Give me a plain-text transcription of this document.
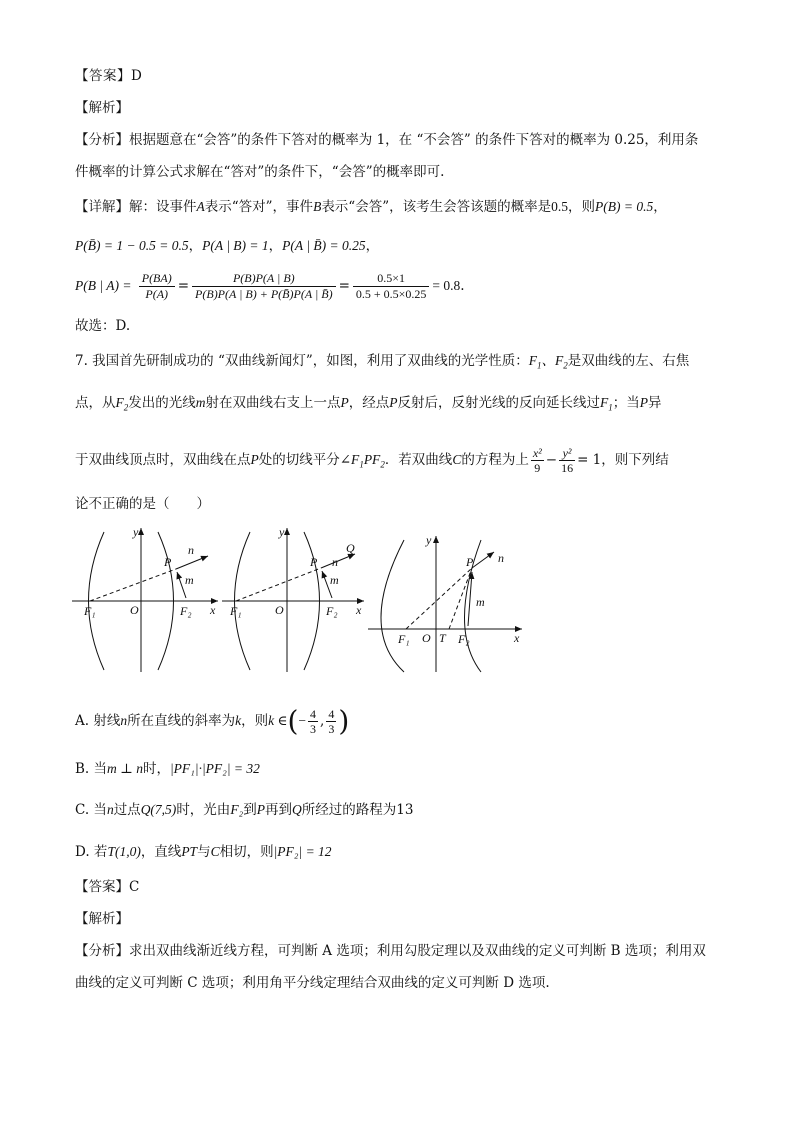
【答案】D
【解析】
【分析】根据题意在“会答”的条件下答对的概率为 1，在 “不会答” 的条件下答对的概率为 0.25，利用条
件概率的计算公式求解在“答对”的条件下，“会答”的概率即可.
【详解】解：设事件A表示“答对”，事件B表示“会答”，该考生会答该题的概率是0.5，则P(B) = 0.5，
P(B̄) = 1 − 0.5 = 0.5，P(A | B) = 1，P(A | B̄) = 0.25，
P(B | $A) = \frac{P(BA)}{P(A)} = \frac{P(B)P(A | B)}{P(B)P(A | B) + P(B̄)P(A | B̄)} = \frac{0.5\times 1}{0.5 + 0.5\times 0.25} = 0.8$.
故选：D.
7. 我国首先研制成功的 “双曲线新闻灯”，如图，利用了双曲线的光学性质：$F_1$、$F_2$是双曲线的左、右焦
点，从$F_2$发出的光线m射在双曲线右支上一点P，经点P反射后，反射光线的反向延长线过$F_1$；当P异
于双曲线顶点时，双曲线在点P处的切线平分$\angle F_1PF_2$．若双曲线C的方程为上 $\frac{\text{x²}}{9} - \frac{\text{y²}}{16} = 1$，则下列结
论不正确的是（　　）
y
x
O
F₁	F₂
P
n
m
y
x
O
F₁	F₂
P n
Q
m
y
x
O T
F₁	F₂
P n
m
A. 射线n所在直线的斜率为k，则k ∈(− $\frac{4}{3}$ , $\frac{4}{3}$ )
B. 当m ⊥ n时，|PF₁|·|PF₂| = 32
C. 当n过点Q(7,5)时，光由F₂到P再到Q所经过的路程为13
D. 若T(1,0)，直线PT与C相切，则|PF₂| = 12
【答案】C
【解析】
【分析】求出双曲线渐近线方程，可判断 A 选项；利用勾股定理以及双曲线的定义可判断 B 选项；利用双
曲线的定义可判断 C 选项；利用角平分线定理结合双曲线的定义可判断 D 选项.
